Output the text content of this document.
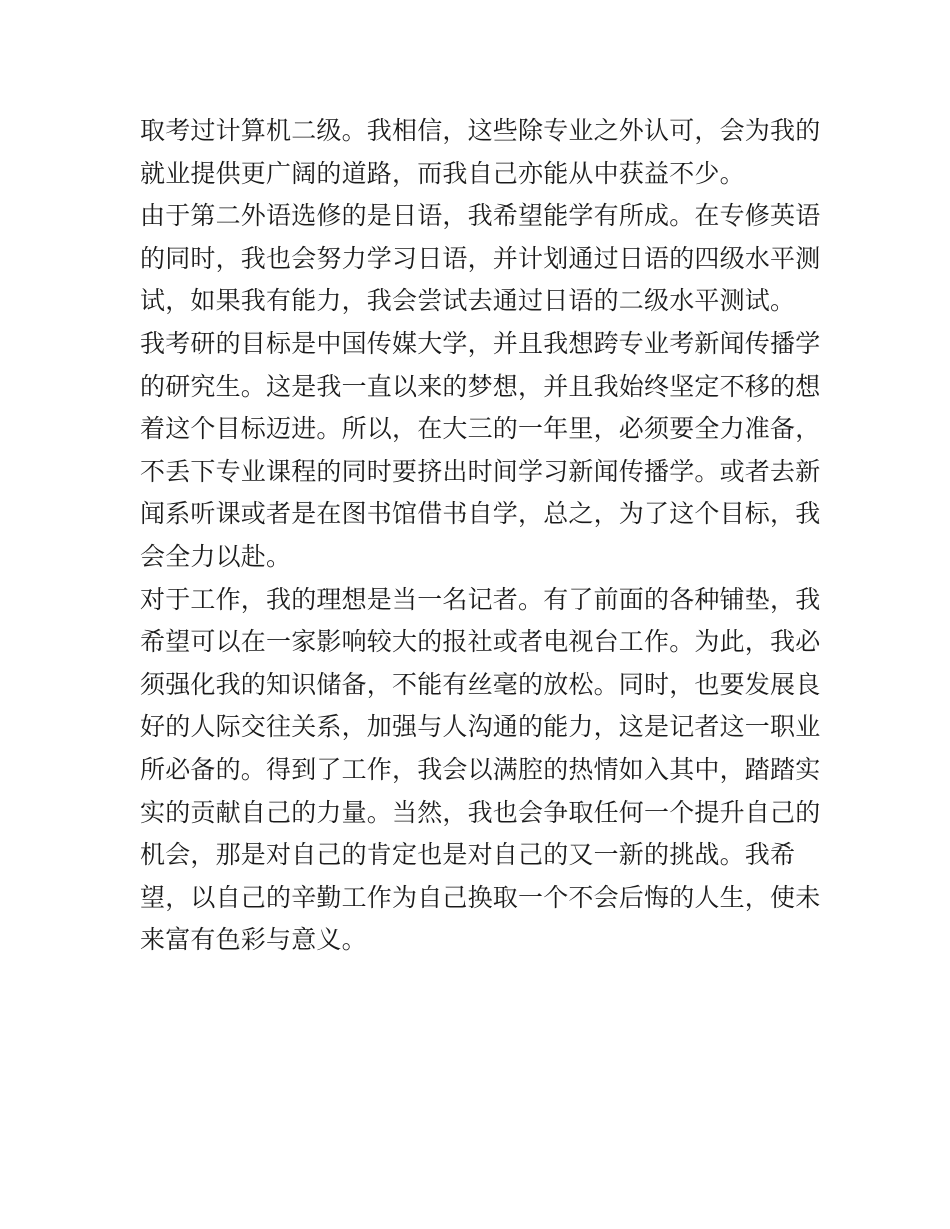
取考过计算机二级。我相信，这些除专业之外认可，会为我的
就业提供更广阔的道路，而我自己亦能从中获益不少。
由于第二外语选修的是日语，我希望能学有所成。在专修英语
的同时，我也会努力学习日语，并计划通过日语的四级水平测
试，如果我有能力，我会尝试去通过日语的二级水平测试。
我考研的目标是中国传媒大学，并且我想跨专业考新闻传播学
的研究生。这是我一直以来的梦想，并且我始终坚定不移的想
着这个目标迈进。所以，在大三的一年里，必须要全力准备，
不丢下专业课程的同时要挤出时间学习新闻传播学。或者去新
闻系听课或者是在图书馆借书自学，总之，为了这个目标，我
会全力以赴。
对于工作，我的理想是当一名记者。有了前面的各种铺垫，我
希望可以在一家影响较大的报社或者电视台工作。为此，我必
须强化我的知识储备，不能有丝毫的放松。同时，也要发展良
好的人际交往关系，加强与人沟通的能力，这是记者这一职业
所必备的。得到了工作，我会以满腔的热情如入其中，踏踏实
实的贡献自己的力量。当然，我也会争取任何一个提升自己的
机会，那是对自己的肯定也是对自己的又一新的挑战。我希
望，以自己的辛勤工作为自己换取一个不会后悔的人生，使未
来富有色彩与意义。
